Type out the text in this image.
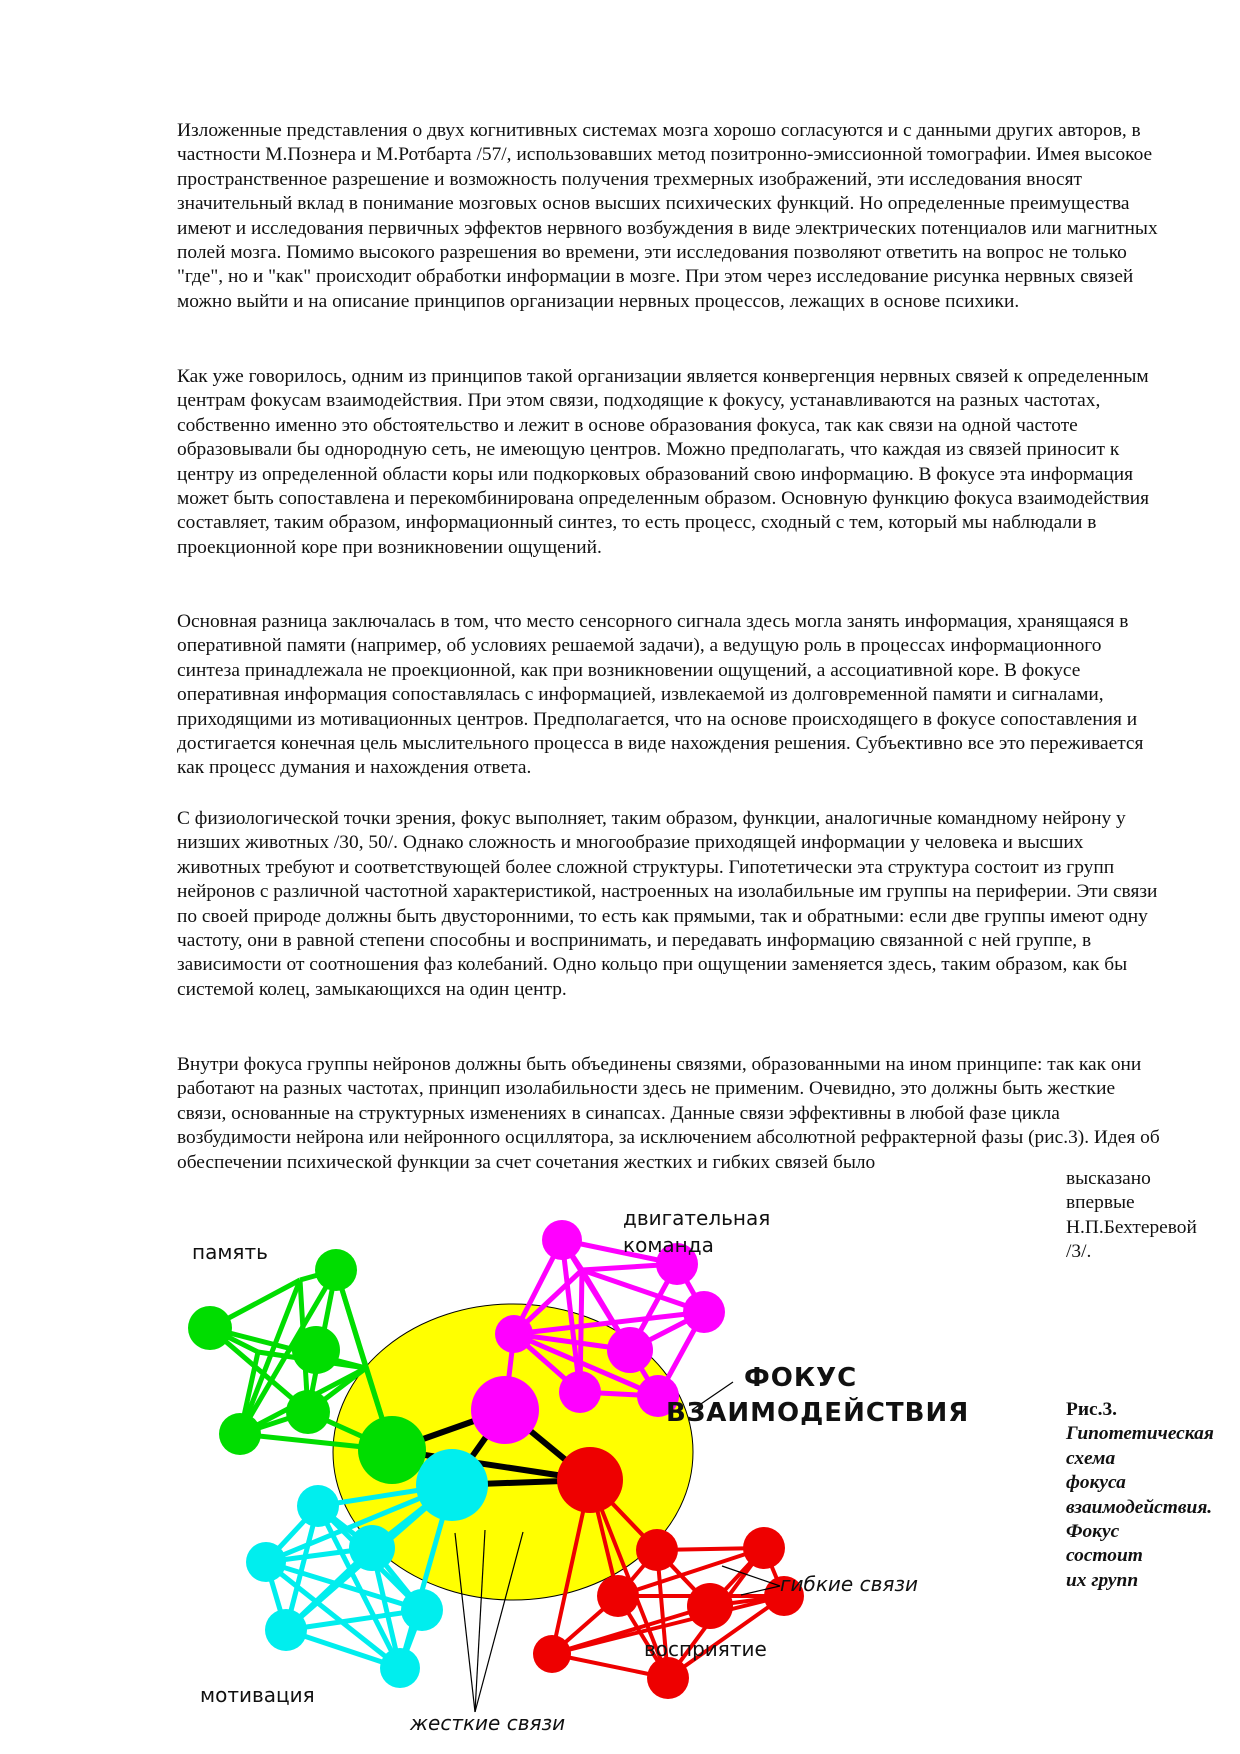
Изложенные представления о двух когнитивных системах мозга хорошо согласуются и с данными других авторов, в частности М.Познера и М.Ротбарта /57/, использовавших метод позитронно-эмиссионной томографии. Имея высокое пространственное разрешение и возможность получения трехмерных изображений, эти исследования вносят значительный вклад в понимание мозговых основ высших психических функций. Но определенные преимущества имеют и исследования первичных эффектов нервного возбуждения в виде электрических потенциалов или магнитных полей мозга. Помимо высокого разрешения во времени, эти исследования позволяют ответить на вопрос не только "где", но и "как" происходит обработки информации в мозге. При этом через исследование рисунка нервных связей можно выйти и на описание принципов организации нервных процессов, лежащих в основе психики.

Как уже говорилось, одним из принципов такой организации является конвергенция нервных связей к определенным центрам фокусам взаимодействия. При этом связи, подходящие к фокусу, устанавливаются на разных частотах, собственно именно это обстоятельство и лежит в основе образования фокуса, так как связи на одной частоте образовывали бы однородную сеть, не имеющую центров. Можно предполагать, что каждая из связей приносит к центру из определенной области коры или подкорковых образований свою информацию. В фокусе эта информация может быть сопоставлена и перекомбинирована определенным образом. Основную функцию фокуса взаимодействия составляет, таким образом, информационный синтез, то есть процесс, сходный с тем, который мы наблюдали в проекционной коре при возникновении ощущений.

Основная разница заключалась в том, что место сенсорного сигнала здесь могла занять информация, хранящаяся в оперативной памяти (например, об условиях решаемой задачи), а ведущую роль в процессах информационного синтеза принадлежала не проекционной, как при возникновении ощущений, а ассоциативной коре. В фокусе оперативная информация сопоставлялась с информацией, извлекаемой из долговременной памяти и сигналами, приходящими из мотивационных центров. Предполагается, что на основе происходящего в фокусе сопоставления и достигается конечная цель мыслительного процесса в виде нахождения решения. Субъективно все это переживается как процесс думания и нахождения ответа.

С физиологической точки зрения, фокус выполняет, таким образом, функции, аналогичные командному нейрону у низших животных /30, 50/. Однако сложность и многообразие приходящей информации у человека и высших животных требуют и соответствующей более сложной структуры. Гипотетически эта структура состоит из групп нейронов с различной частотной характеристикой, настроенных на изолабильные им группы на периферии. Эти связи по своей природе должны быть двусторонними, то есть как прямыми, так и обратными: если две группы имеют одну частоту, они в равной степени способны и воспринимать, и передавать информацию связанной с ней группе, в зависимости от соотношения фаз колебаний. Одно кольцо при ощущении заменяется здесь, таким образом, как бы системой колец, замыкающихся на один центр.

Внутри фокуса группы нейронов должны быть объединены связями, образованными на ином принципе: так как они работают на разных частотах, принцип изолабильности здесь не применим. Очевидно, это должны быть жесткие связи, основанные на структурных изменениях в синапсах. Данные связи эффективны в любой фазе цикла возбудимости нейрона или нейронного осциллятора, за исключением абсолютной рефрактерной фазы (рис.3). Идея об обеспечении психической функции за счет сочетания жестких и гибких связей было

высказано впервые Н.П.Бехтеревой /3/.
Рис.3.
Гипотетическая схема фокуса взаимодействия. Фокус состоит их групп
память
двигательная
команда
ФОКУС
ВЗАИМОДЕЙСТВИЯ
гибкие связи
восприятие
мотивация
жесткие связи
